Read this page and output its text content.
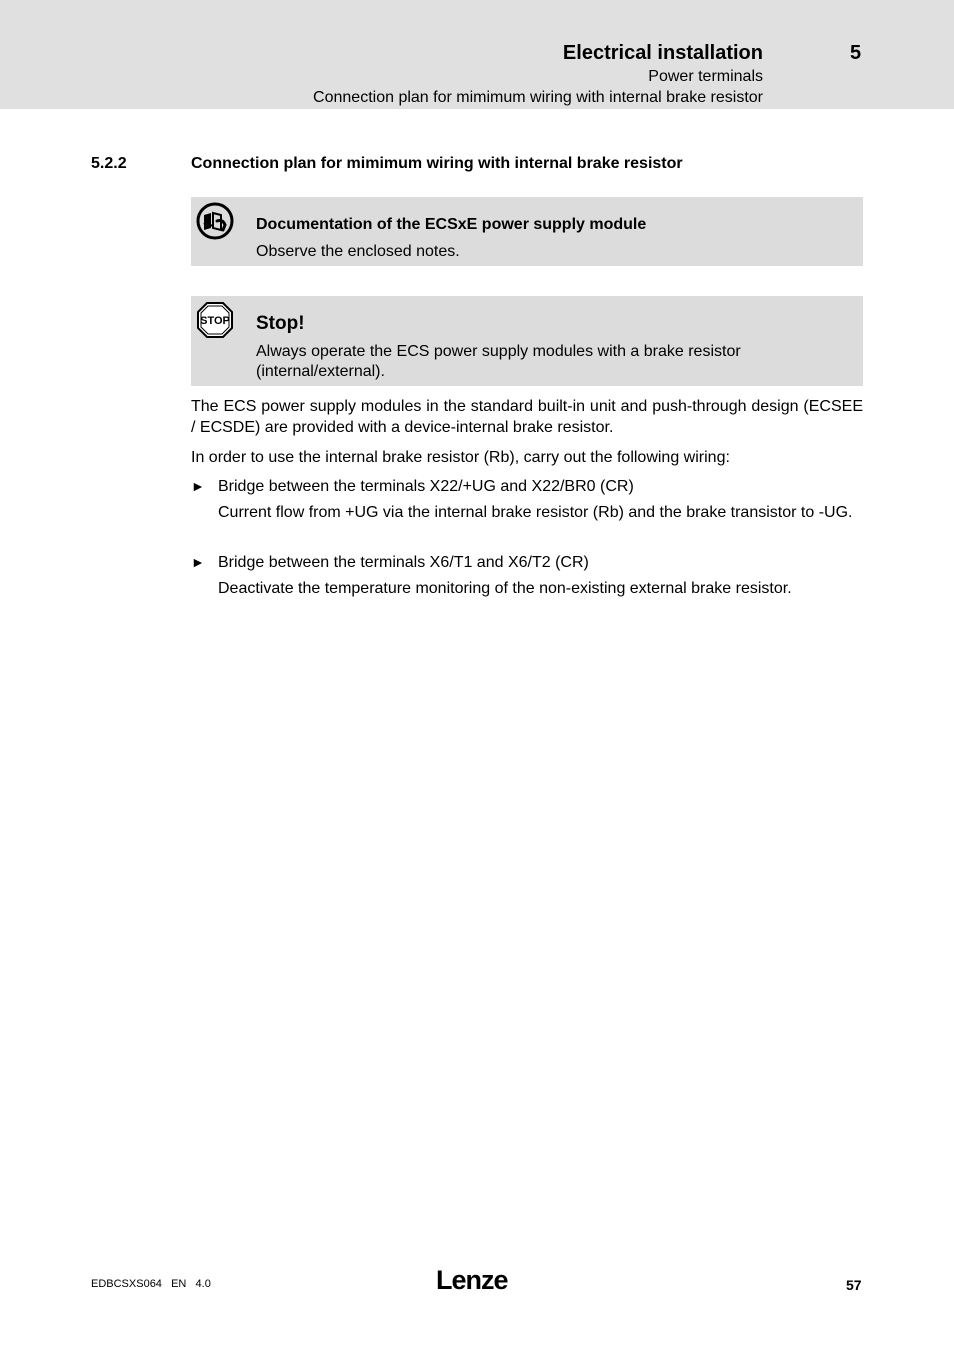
Electrical installation	5
Power terminals
Connection plan for mimimum wiring with internal brake resistor
5.2.2	Connection plan for mimimum wiring with internal brake resistor
Documentation of the ECSxE power supply module
Observe the enclosed notes.
STOP Stop!
Always operate the ECS power supply modules with a brake resistor
(internal/external).
The ECS power supply modules in the standard built-in unit and push-through design (ECSEE / ECSDE) are provided with a device-internal brake resistor.
In order to use the internal brake resistor (Rb), carry out the following wiring:
► Bridge between the terminals X22/+UG and X22/BR0 (CR)
Current flow from +UG via the internal brake resistor (Rb) and the brake transistor to -UG.
► Bridge between the terminals X6/T1 and X6/T2 (CR)
Deactivate the temperature monitoring of the non-existing external brake resistor.
EDBCSXS064   EN   4.0	Lenze	57
